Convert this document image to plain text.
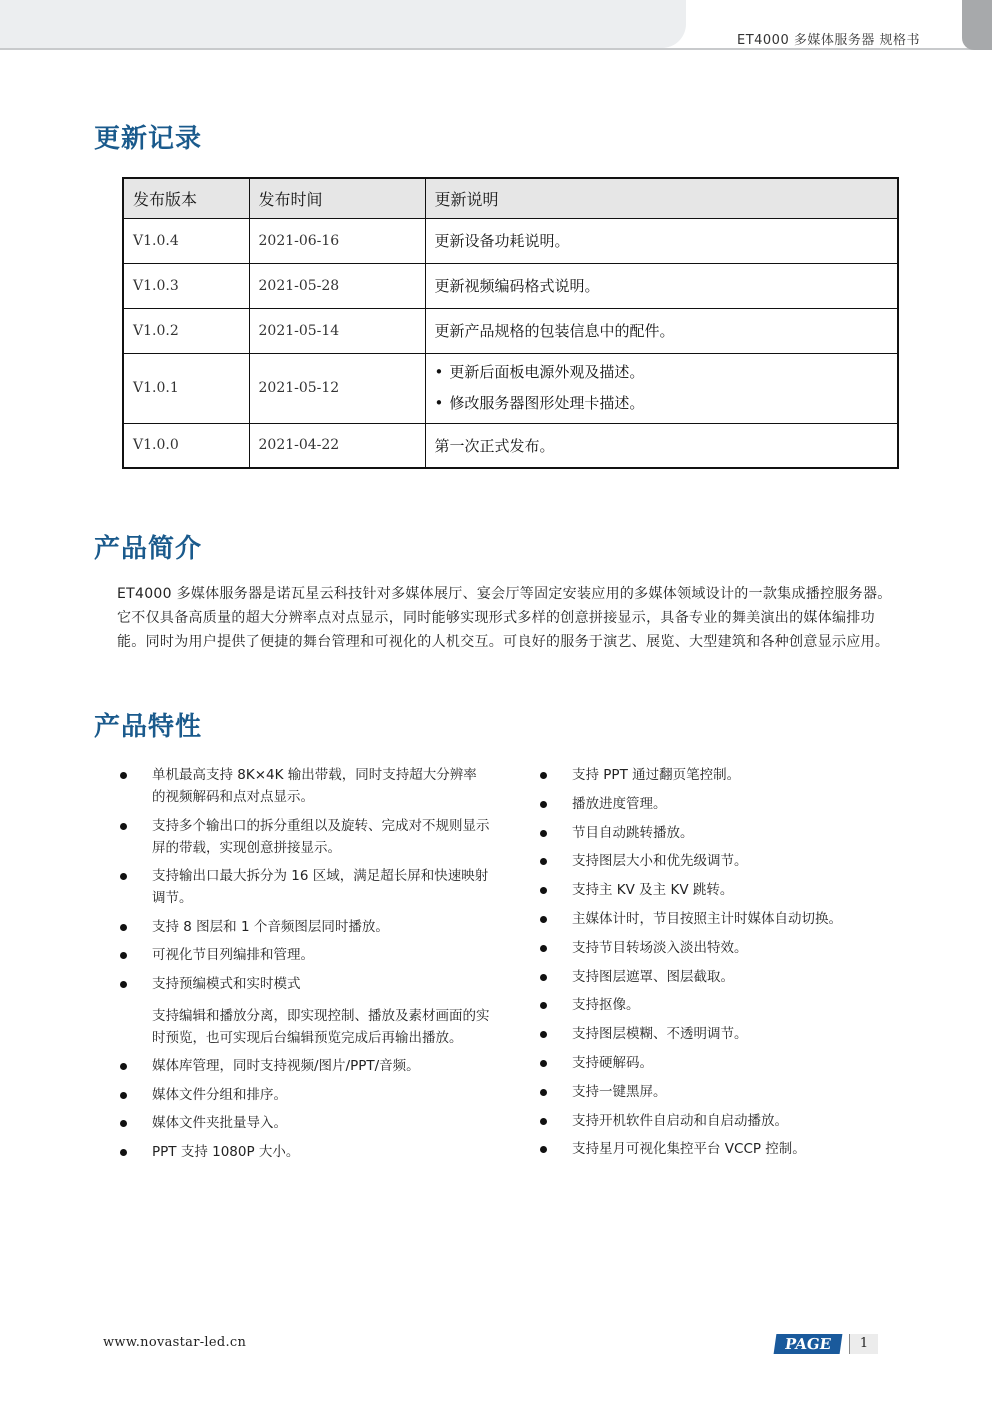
ET4000 多媒体服务器 规格书
更新记录
发布版本	发布时间	更新说明
V1.0.4	2021-06-16	更新设备功耗说明。
V1.0.3	2021-05-28	更新视频编码格式说明。
V1.0.2	2021-05-14	更新产品规格的包装信息中的配件。
V1.0.1	2021-05-12	• 更新后面板电源外观及描述。
• 修改服务器图形处理卡描述。

V1.0.0	2021-04-22	第一次正式发布。
产品简介

ET4000 多媒体服务器是诺瓦星云科技针对多媒体展厅、宴会厅等固定安装应用的多媒体领域设计的一款集成播控服务器。它不仅具备高质量的超大分辨率点对点显示，同时能够实现形式多样的创意拼接显示，具备专业的舞美演出的媒体编排功能。同时为用户提供了便捷的舞台管理和可视化的人机交互。可良好的服务于演艺、展览、大型建筑和各种创意显示应用。

产品特性
单机最高支持 8K×4K 输出带载，同时支持超大分辨率的视频解码和点对点显示。
支持多个输出口的拆分重组以及旋转、完成对不规则显示屏的带载，实现创意拼接显示。
支持输出口最大拆分为 16 区域，满足超长屏和快速映射调节。
支持 8 图层和 1 个音频图层同时播放。
可视化节目列编排和管理。
支持预编模式和实时模式
支持编辑和播放分离，即实现控制、播放及素材画面的实时预览，也可实现后台编辑预览完成后再输出播放。
媒体库管理，同时支持视频/图片/PPT/音频。
媒体文件分组和排序。
媒体文件夹批量导入。
PPT 支持 1080P 大小。
支持 PPT 通过翻页笔控制。
播放进度管理。
节目自动跳转播放。
支持图层大小和优先级调节。
支持主 KV 及主 KV 跳转。
主媒体计时，节目按照主计时媒体自动切换。
支持节目转场淡入淡出特效。
支持图层遮罩、图层截取。
支持抠像。
支持图层模糊、不透明调节。
支持硬解码。
支持一键黑屏。
支持开机软件自启动和自启动播放。
支持星月可视化集控平台 VCCP 控制。
www.novastar-led.cn	PAGE	1
